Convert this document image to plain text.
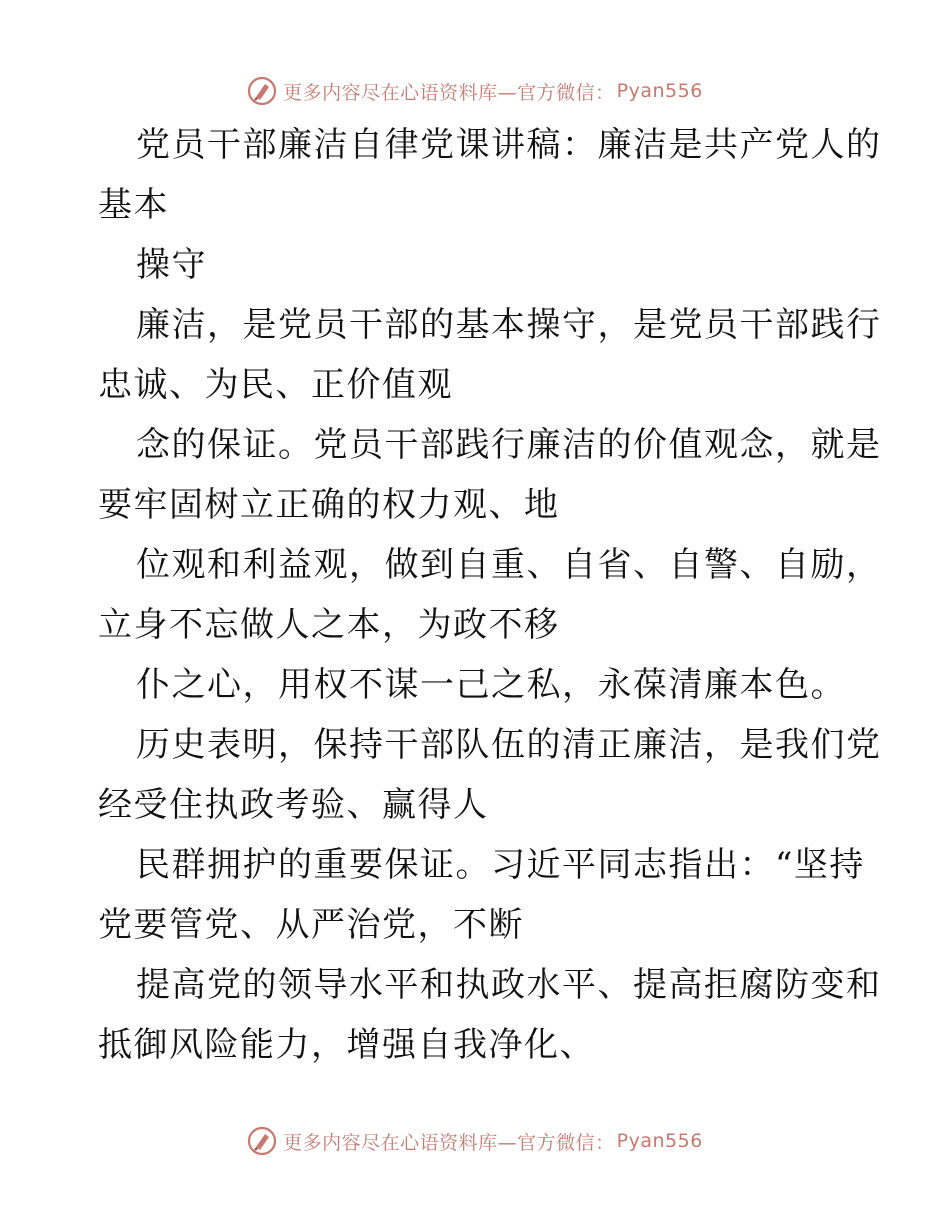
更多内容尽在心语资料库—官方微信： Pyan556
党员干部廉洁自律党课讲稿：廉洁是共产党人的
基本
操守
廉洁，是党员干部的基本操守，是党员干部践行
忠诚、为民、正价值观
念的保证。党员干部践行廉洁的价值观念，就是
要牢固树立正确的权力观、地
位观和利益观，做到自重、自省、自警、自励，
立身不忘做人之本，为政不移
仆之心，用权不谋一己之私，永葆清廉本色。
历史表明，保持干部队伍的清正廉洁，是我们党
经受住执政考验、赢得人
民群拥护的重要保证。习近平同志指出：“坚持
党要管党、从严治党，不断
提高党的领导水平和执政水平、提高拒腐防变和
抵御风险能力，增强自我净化、
更多内容尽在心语资料库—官方微信： Pyan556
